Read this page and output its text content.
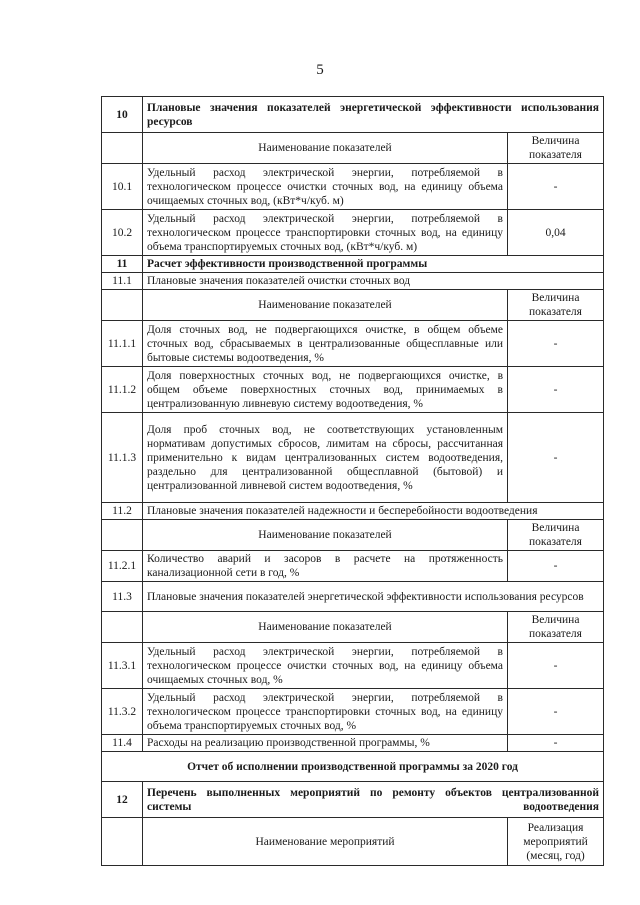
5
10	Плановые значения показателей энергетической эффективности использования ресурсов	
	Наименование показателей	Величина показателя
10.1	Удельный расход электрической энергии, потребляемой в технологическом процессе очистки сточных вод, на единицу объема очищаемых сточных вод, (кВт*ч/куб. м)	-
10.2	Удельный расход электрической энергии, потребляемой в технологическом процессе транспортировки сточных вод, на единицу объема транспортируемых сточных вод, (кВт*ч/куб. м)	0,04
11	Расчет эффективности производственной программы	
11.1	Плановые значения показателей очистки сточных вод	
	Наименование показателей	Величина показателя
11.1.1	Доля сточных вод, не подвергающихся очистке, в общем объеме сточных вод, сбрасываемых в централизованные общесплавные или бытовые системы водоотведения, %	-
11.1.2	Доля поверхностных сточных вод, не подвергающихся очистке, в общем объеме поверхностных сточных вод, принимаемых в централизованную ливневую систему водоотведения, %	-
11.1.3	Доля проб сточных вод, не соответствующих установленным нормативам допустимых сбросов, лимитам на сбросы, рассчитанная применительно к видам централизованных систем водоотведения, раздельно для централизованной общесплавной (бытовой) и централизованной ливневой систем водоотведения, %	-
11.2	Плановые значения показателей надежности и бесперебойности водоотведения	
	Наименование показателей	Величина показателя
11.2.1	Количество аварий и засоров в расчете на протяженность канализационной сети в год, %	-
11.3	Плановые значения показателей энергетической эффективности использования ресурсов	
	Наименование показателей	Величина показателя
11.3.1	Удельный расход электрической энергии, потребляемой в технологическом процессе очистки сточных вод, на единицу объема очищаемых сточных вод, %	-
11.3.2	Удельный расход электрической энергии, потребляемой в технологическом процессе транспортировки сточных вод, на единицу объема транспортируемых сточных вод, %	-
11.4	Расходы на реализацию производственной программы, %	-
Отчет об исполнении производственной программы за 2020 год		
12	Перечень выполненных мероприятий по ремонту объектов централизованной системы водоотведения	
	Наименование мероприятий	Реализация мероприятий (месяц, год)
